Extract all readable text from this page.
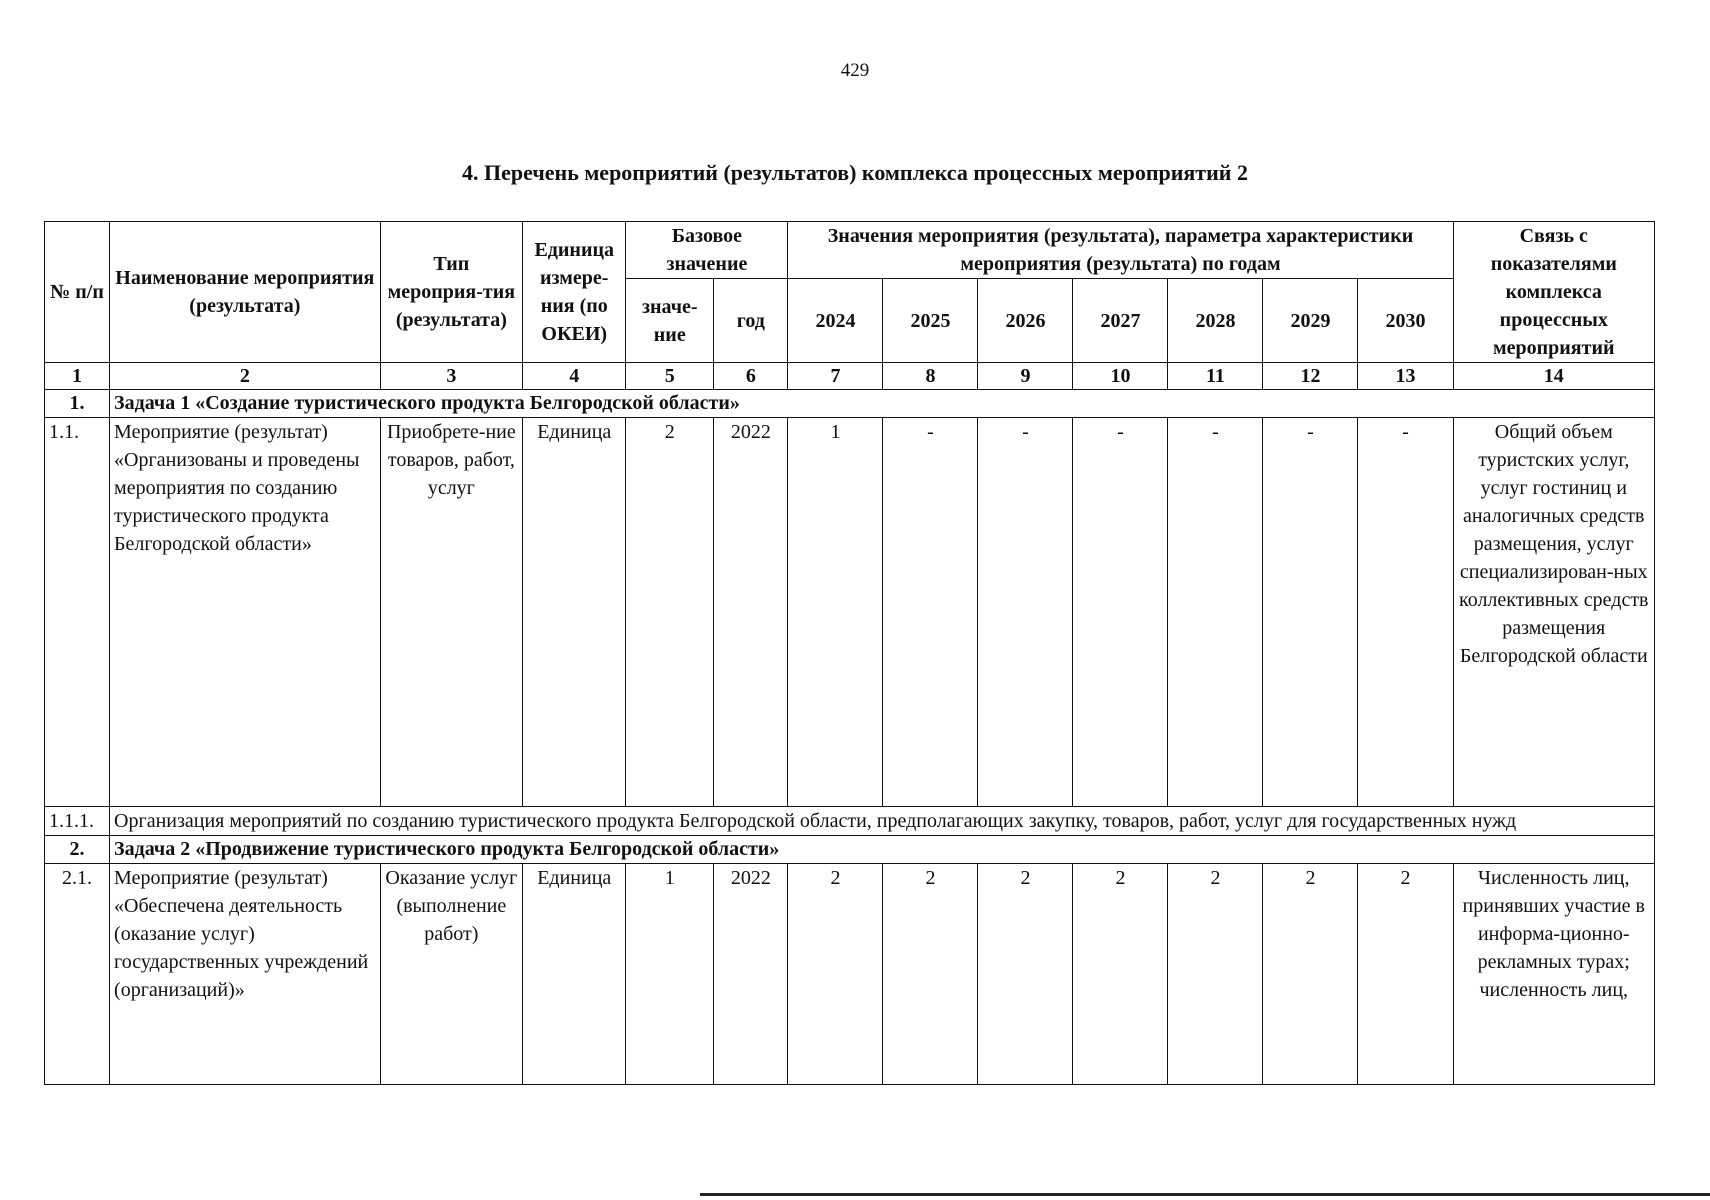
429
4. Перечень мероприятий (результатов) комплекса процессных мероприятий 2
№ п/п	Наименование мероприятия (результата)	Тип мероприя-тия (результата)	Единица измере-ния (по ОКЕИ)	Базовое значение		Значения мероприятия (результата), параметра характеристики мероприятия (результата) по годам							Связь с показателями комплекса процессных мероприятий
				значе-ние	год	2024	2025	2026	2027	2028	2029	2030	
1	2	3	4	5	6	7	8	9	10	11	12	13	14
1.	Задача 1 «Создание туристического продукта Белгородской области»												
1.1.	Мероприятие (результат) «Организованы и проведены мероприятия по созданию туристического продукта Белгородской области»	Приобрете-ние товаров, работ, услуг	Единица	2	2022	1	-	-	-	-	-	-	Общий объем туристских услуг, услуг гостиниц и аналогичных средств размещения, услуг специализирован-ных коллективных средств размещения Белгородской области
1.1.1.	Организация мероприятий по созданию туристического продукта Белгородской области, предполагающих закупку, товаров, работ, услуг для государственных нужд												
2.	Задача 2 «Продвижение туристического продукта Белгородской области»												
2.1.	Мероприятие (результат) «Обеспечена деятельность (оказание услуг) государственных учреждений (организаций)»	Оказание услуг (выполнение работ)	Единица	1	2022	2	2	2	2	2	2	2	Численность лиц, принявших участие в информа-ционно-рекламных турах; численность лиц,
